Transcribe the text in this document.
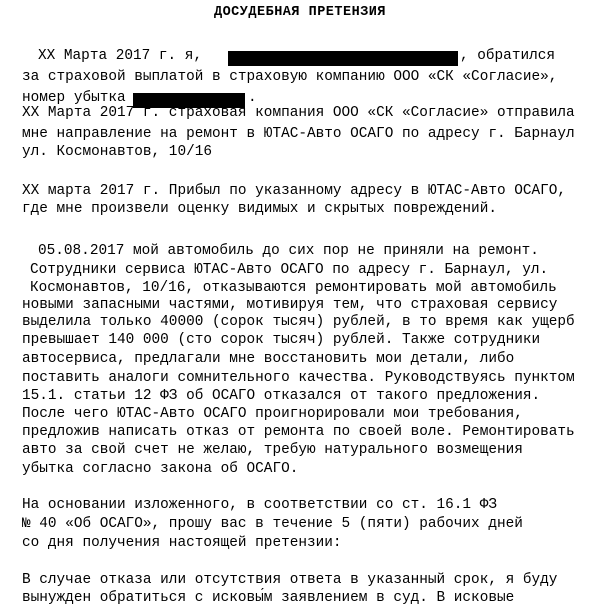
ДОСУДЕБНАЯ ПРЕТЕНЗИЯ
XX Марта 2017 г. я,	, обратился
за страховой выплатой в страховую компанию ООО «СК «Согласие»,
номер убытка	.
XX Марта 2017 г. страховая компания ООО «СК «Согласие» отправила
мне направление на ремонт в ЮТАС-Авто ОСАГО по адресу г. Барнаул
ул. Космонавтов, 10/16
XX марта 2017 г. Прибыл по указанному адресу в ЮТАС-Авто ОСАГО,
где мне произвели оценку видимых и скрытых повреждений.
05.08.2017 мой автомобиль до сих пор не приняли на ремонт.
Сотрудники сервиса ЮТАС-Авто ОСАГО по адресу г. Барнаул, ул.
Космонавтов, 10/16, отказываются ремонтировать мой автомобиль
новыми запасными частями, мотивируя тем, что страховая сервису
выделила только 40000 (сорок тысяч) рублей, в то время как ущерб
превышает 140 000 (сто сорок тысяч) рублей. Также сотрудники
автосервиса, предлагали мне восстановить мои детали, либо
поставить аналоги сомнительного качества. Руководствуясь пунктом
15.1. статьи 12 ФЗ об ОСАГО отказался от такого предложения.
После чего ЮТАС-Авто ОСАГО проигнорировали мои требования,
предложив написать отказ от ремонта по своей воле. Ремонтировать
авто за свой счет не желаю, требую натурального возмещения
убытка согласно закона об ОСАГО.
На основании изложенного, в соответствии со ст. 16.1 ФЗ
№ 40 «Об ОСАГО», прошу вас в течение 5 (пяти) рабочих дней
со дня получения настоящей претензии:
В случае отказа или отсутствия ответа в указанный срок, я буду
вынужден обратиться с исковы́м заявлением в суд. В исковые
